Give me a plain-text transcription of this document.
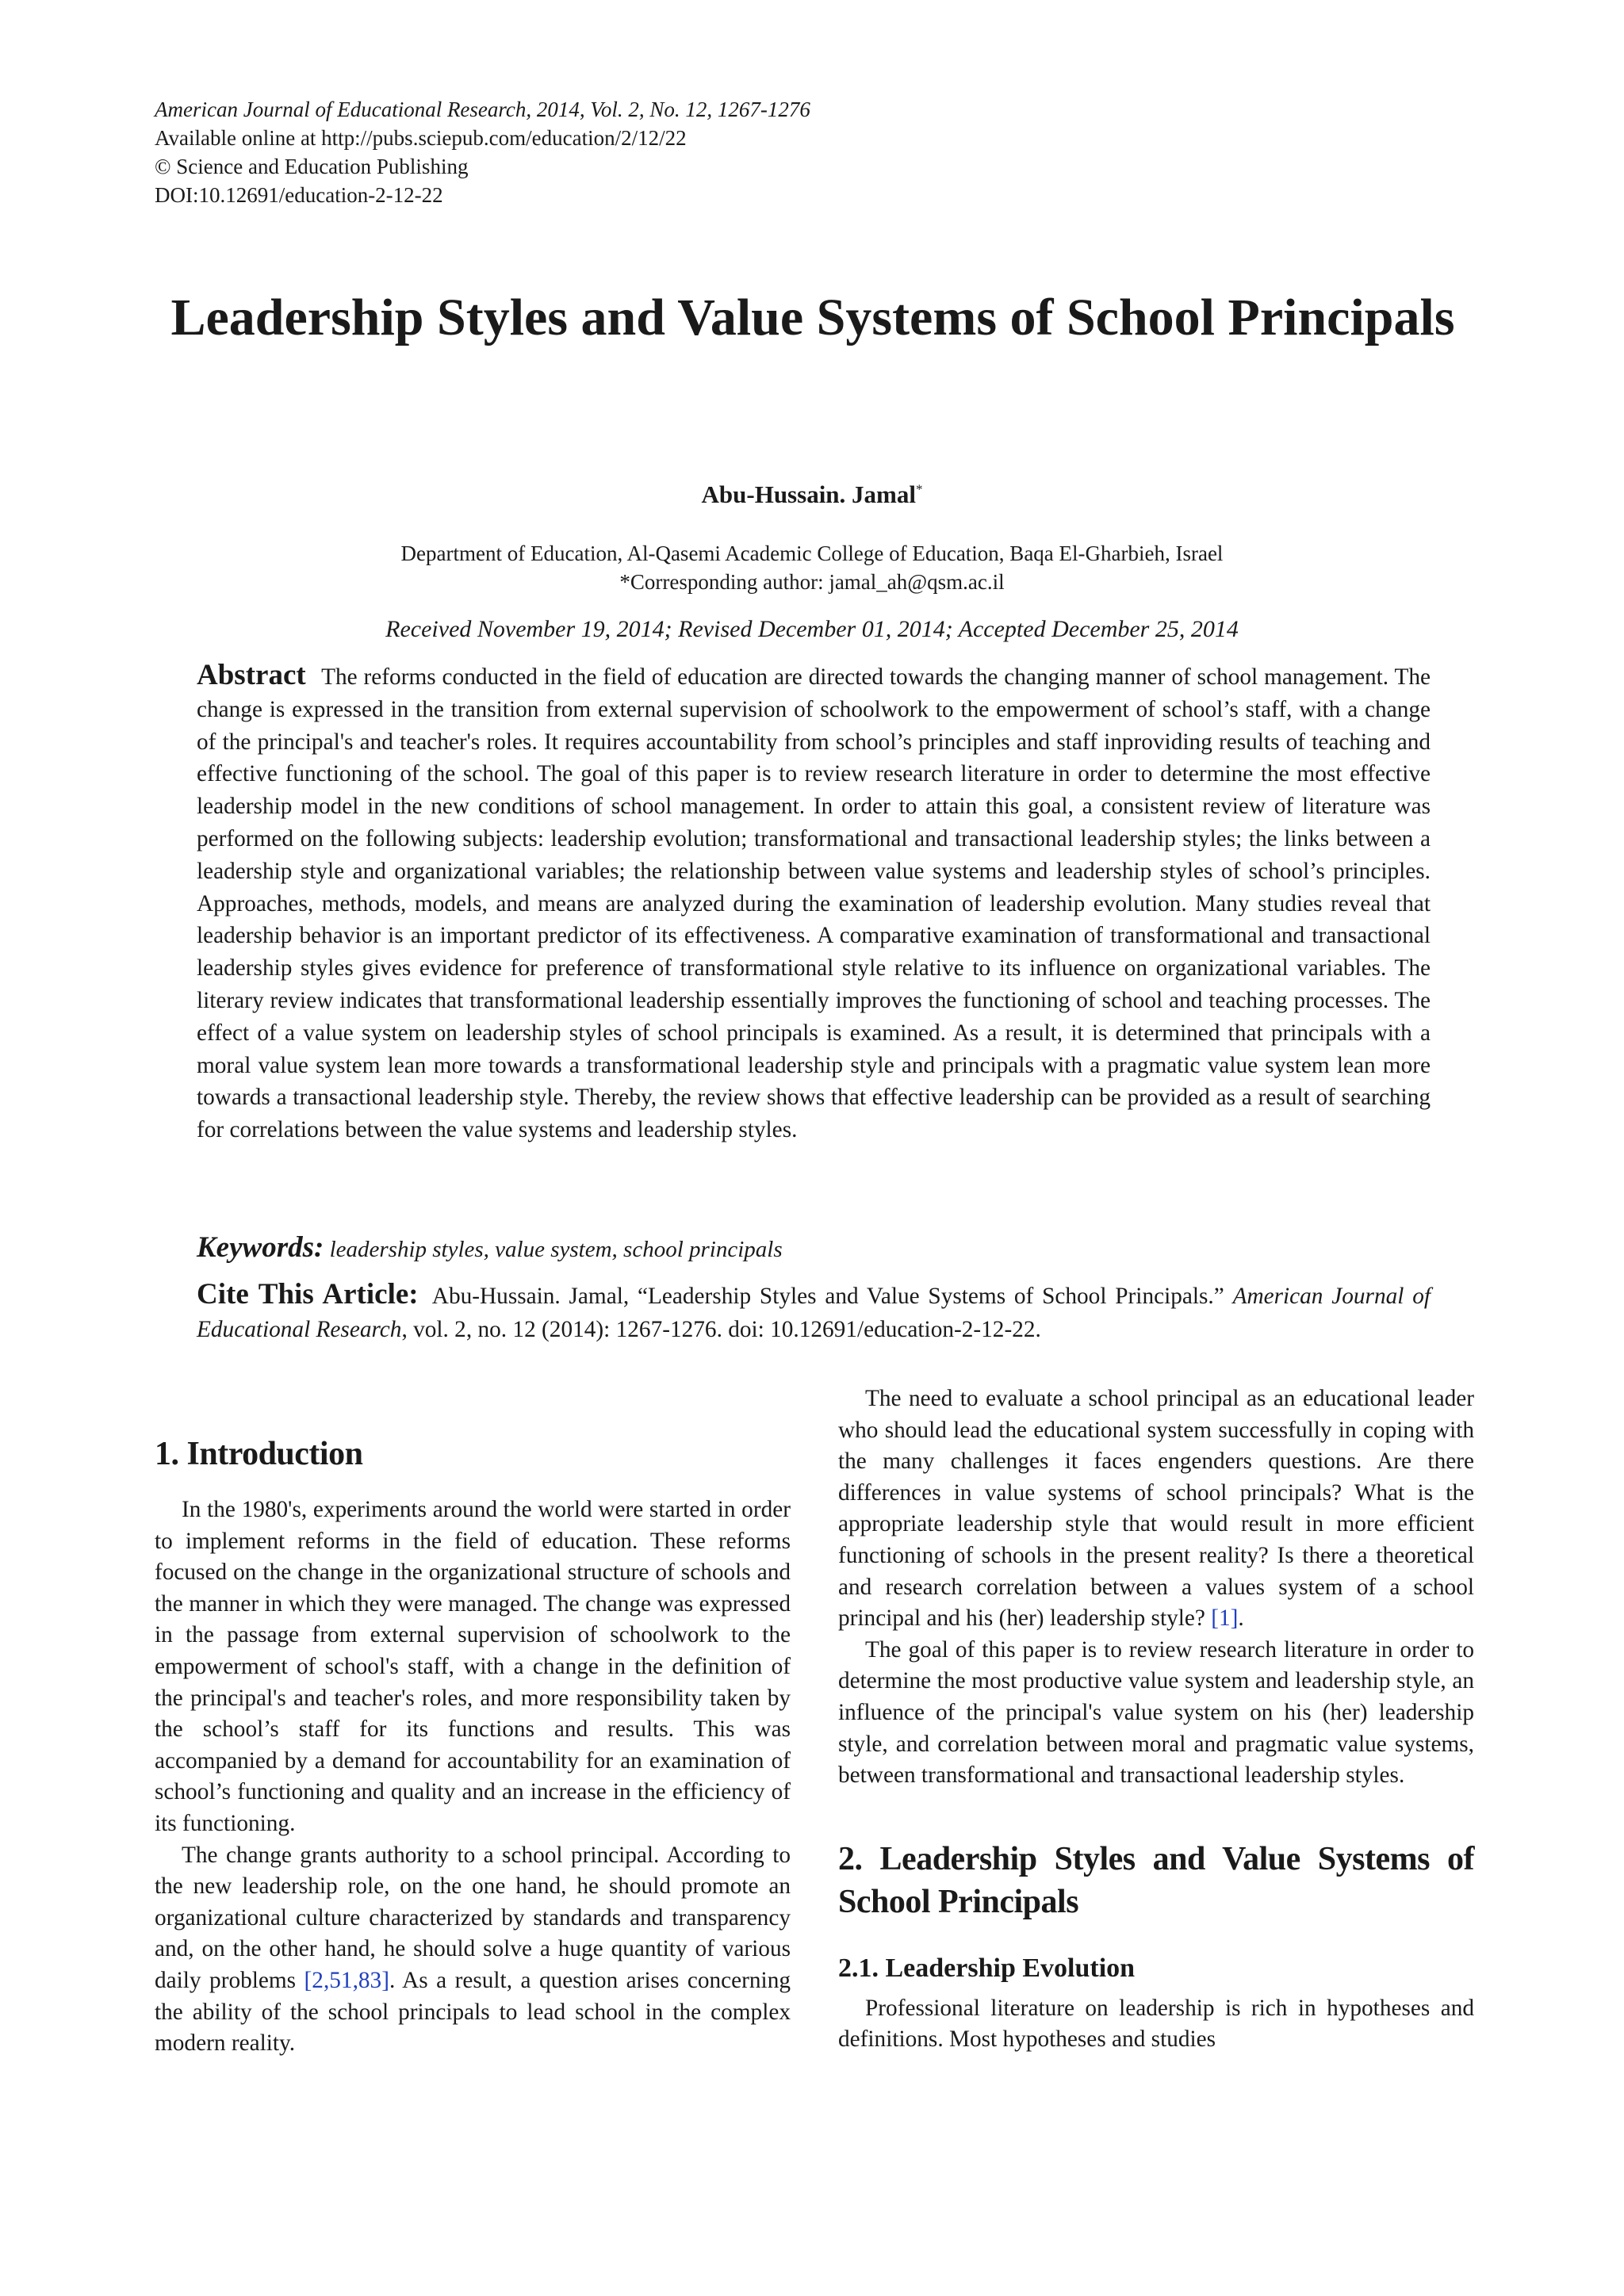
American Journal of Educational Research, 2014, Vol. 2, No. 12, 1267-1276
Available online at http://pubs.sciepub.com/education/2/12/22
© Science and Education Publishing
DOI:10.12691/education-2-12-22
Leadership Styles and Value Systems of School Principals
Abu-Hussain. Jamal*
Department of Education, Al-Qasemi Academic College of Education, Baqa El-Gharbieh, Israel
*Corresponding author: jamal_ah@qsm.ac.il
Received November 19, 2014; Revised December 01, 2014; Accepted December 25, 2014

Abstract The reforms conducted in the field of education are directed towards the changing manner of school management. The change is expressed in the transition from external supervision of schoolwork to the empowerment of school’s staff, with a change of the principal's and teacher's roles. It requires accountability from school’s principles and staff inproviding results of teaching and effective functioning of the school. The goal of this paper is to review research literature in order to determine the most effective leadership model in the new conditions of school management. In order to attain this goal, a consistent review of literature was performed on the following subjects: leadership evolution; transformational and transactional leadership styles; the links between a leadership style and organizational variables; the relationship between value systems and leadership styles of school’s principles. Approaches, methods, models, and means are analyzed during the examination of leadership evolution. Many studies reveal that leadership behavior is an important predictor of its effectiveness. A comparative examination of transformational and transactional leadership styles gives evidence for preference of transformational style relative to its influence on organizational variables. The literary review indicates that transformational leadership essentially improves the functioning of school and teaching processes. The effect of a value system on leadership styles of school principals is examined. As a result, it is determined that principals with a moral value system lean more towards a transformational leadership style and principals with a pragmatic value system lean more towards a transactional leadership style. Thereby, the review shows that effective leadership can be provided as a result of searching for correlations between the value systems and leadership styles.

Keywords: leadership styles, value system, school principals

Cite This Article: Abu-Hussain. Jamal, “Leadership Styles and Value Systems of School Principals.” American Journal of Educational Research, vol. 2, no. 12 (2014): 1267-1276. doi: 10.12691/education-2-12-22.

1. Introduction

In the 1980's, experiments around the world were started in order to implement reforms in the field of education. These reforms focused on the change in the organizational structure of schools and the manner in which they were managed. The change was expressed in the passage from external supervision of schoolwork to the empowerment of school's staff, with a change in the definition of the principal's and teacher's roles, and more responsibility taken by the school’s staff for its functions and results. This was accompanied by a demand for accountability for an examination of school’s functioning and quality and an increase in the efficiency of its functioning.

The change grants authority to a school principal. According to the new leadership role, on the one hand, he should promote an organizational culture characterized by standards and transparency and, on the other hand, he should solve a huge quantity of various daily problems [2,51,83]. As a result, a question arises concerning the ability of the school principals to lead school in the complex modern reality.

The need to evaluate a school principal as an educational leader who should lead the educational system successfully in coping with the many challenges it faces engenders questions. Are there differences in value systems of school principals? What is the appropriate leadership style that would result in more efficient functioning of schools in the present reality? Is there a theoretical and research correlation between a values system of a school principal and his (her) leadership style? [1].

The goal of this paper is to review research literature in order to determine the most productive value system and leadership style, an influence of the principal's value system on his (her) leadership style, and correlation between moral and pragmatic value systems, between transformational and transactional leadership styles.

2. Leadership Styles and Value Systems of School Principals
2.1. Leadership Evolution

Professional literature on leadership is rich in hypotheses and definitions. Most hypotheses and studies
